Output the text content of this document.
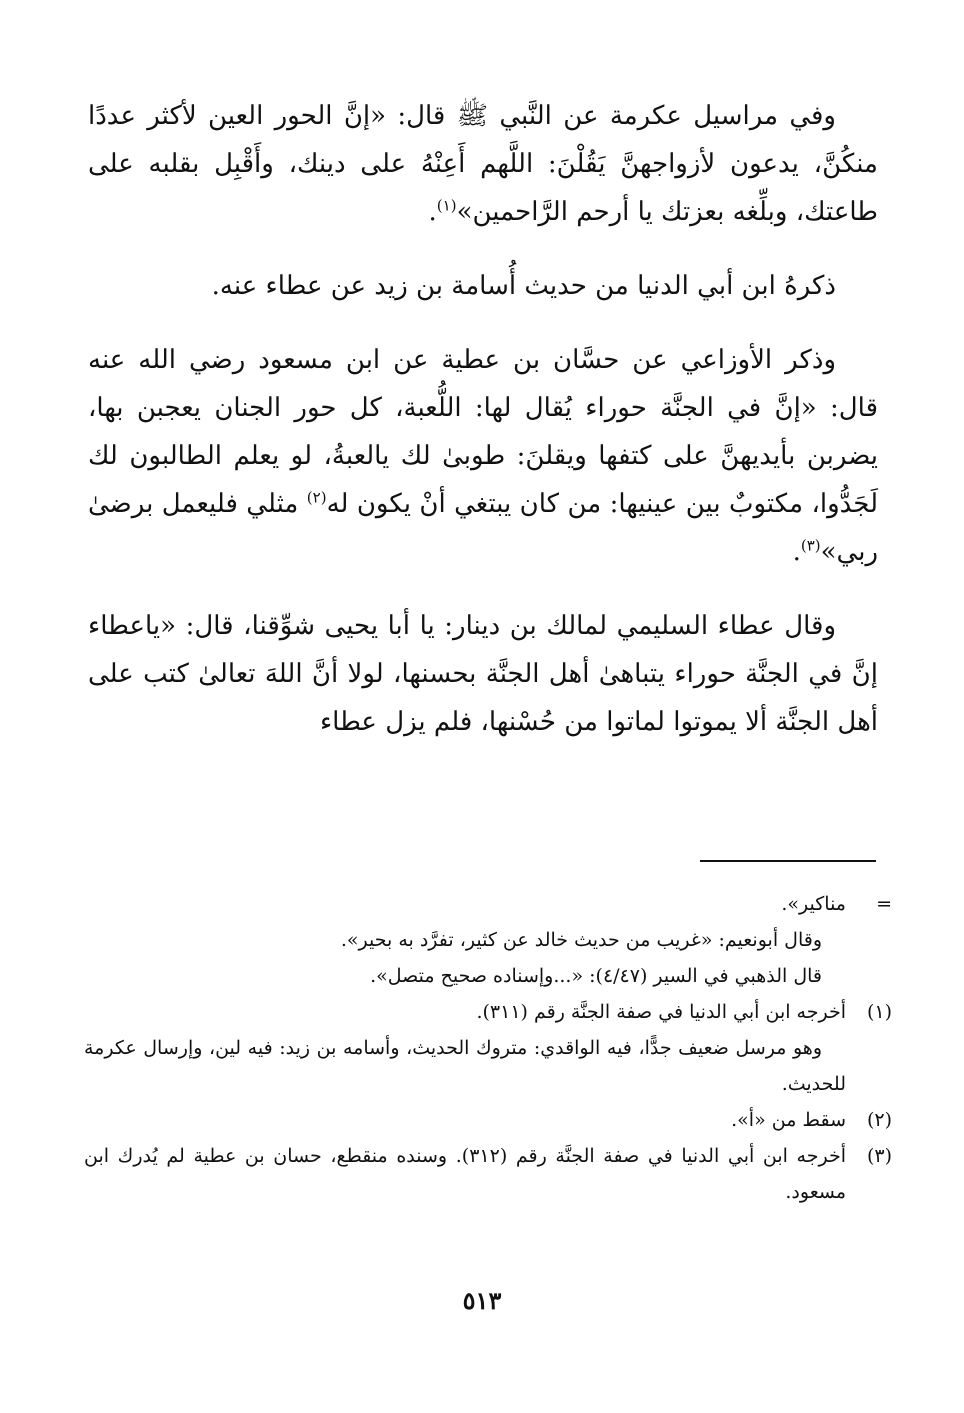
وفي مراسيل عكرمة عن النَّبي ﷺ قال: «إنَّ الحور العين لأكثر عددًا منكُنَّ، يدعون لأزواجهنَّ يَقُلْنَ: اللَّهم أَعِنْهُ على دينك، وأَقْبِل بقلبه على طاعتك، وبلِّغه بعزتك يا أرحم الرَّاحمين»$^{(١)}$.

ذكرهُ ابن أبي الدنيا من حديث أُسامة بن زيد عن عطاء عنه.

وذكر الأوزاعي عن حسَّان بن عطية عن ابن مسعود رضي الله عنه قال: «إنَّ في الجنَّة حوراء يُقال لها: اللُّعبة، كل حور الجنان يعجبن بها، يضربن بأيديهنَّ على كتفها ويقلنَ: طوبىٰ لك يالعبةُ، لو يعلم الطالبون لك لَجَدُّوا، مكتوبٌ بين عينيها: من كان يبتغي أنْ يكون له$^{(٢)}$ مثلي فليعمل برضىٰ ربي»$^{(٣)}$.

وقال عطاء السليمي لمالك بن دينار: يا أبا يحيى شوِّقنا، قال: «ياعطاء إنَّ في الجنَّة حوراء يتباهىٰ أهل الجنَّة بحسنها، لولا أنَّ اللهَ تعالىٰ كتب على أهل الجنَّة ألا يموتوا لماتوا من حُسْنها، فلم يزل عطاء

=
مناكير».
وقال أبونعيم: «غريب من حديث خالد عن كثير، تفرَّد به بحير».
قال الذهبي في السير (٤/٤٧): «...وإسناده صحيح متصل».
(١)
أخرجه ابن أبي الدنيا في صفة الجنَّة رقم (٣١١).
وهو مرسل ضعيف جدًّا، فيه الواقدي: متروك الحديث، وأسامه بن زيد: فيه لين، وإرسال عكرمة للحديث.
(٢)
سقط من «أ».
(٣)
أخرجه ابن أبي الدنيا في صفة الجنَّة رقم (٣١٢). وسنده منقطع، حسان بن عطية لم يُدرك ابن مسعود.
٥١٣
